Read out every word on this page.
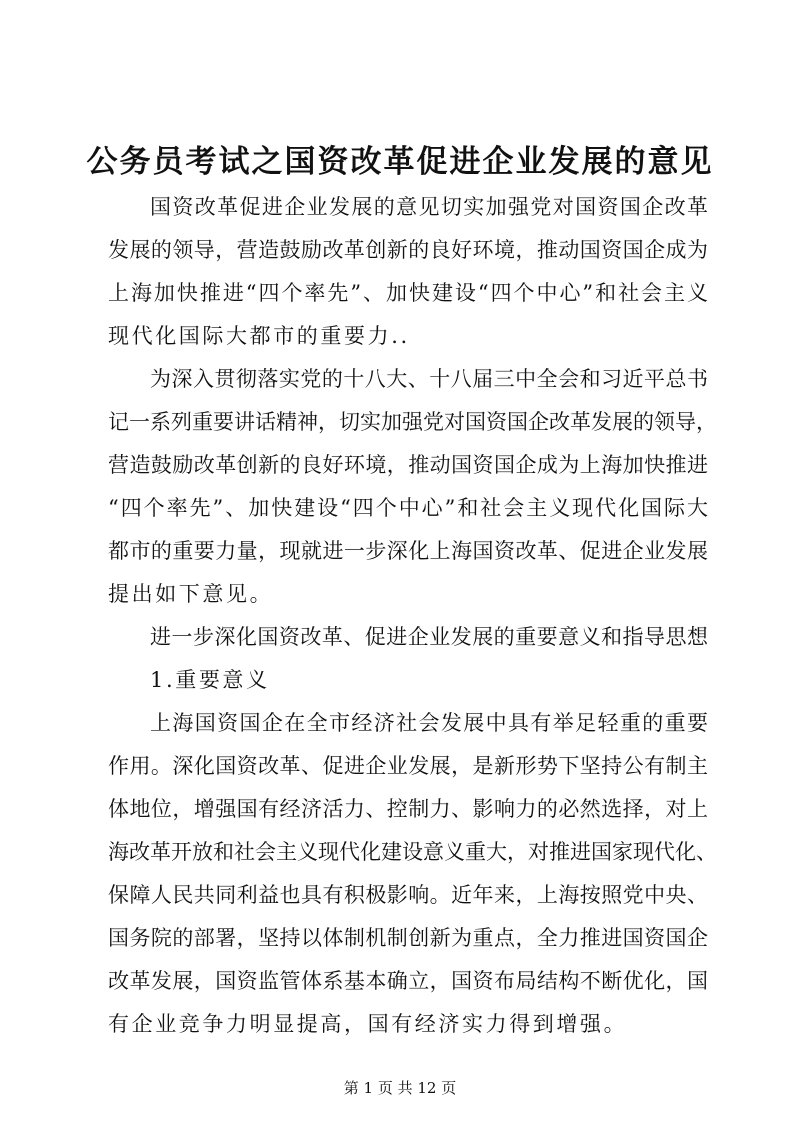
公务员考试之国资改革促进企业发展的意见
国资改革促进企业发展的意见切实加强党对国资国企改革
发展的领导，营造鼓励改革创新的良好环境，推动国资国企成为
上海加快推进“四个率先”、加快建设“四个中心”和社会主义
现代化国际大都市的重要力..
为深入贯彻落实党的十八大、十八届三中全会和习近平总书
记一系列重要讲话精神，切实加强党对国资国企改革发展的领导，
营造鼓励改革创新的良好环境，推动国资国企成为上海加快推进
“四个率先”、加快建设“四个中心”和社会主义现代化国际大
都市的重要力量，现就进一步深化上海国资改革、促进企业发展
提出如下意见。
进一步深化国资改革、促进企业发展的重要意义和指导思想
1.重要意义
上海国资国企在全市经济社会发展中具有举足轻重的重要
作用。深化国资改革、促进企业发展，是新形势下坚持公有制主
体地位，增强国有经济活力、控制力、影响力的必然选择，对上
海改革开放和社会主义现代化建设意义重大，对推进国家现代化、
保障人民共同利益也具有积极影响。近年来，上海按照党中央、
国务院的部署，坚持以体制机制创新为重点，全力推进国资国企
改革发展，国资监管体系基本确立，国资布局结构不断优化，国
有企业竞争力明显提高，国有经济实力得到增强。
第 1 页 共 12 页
